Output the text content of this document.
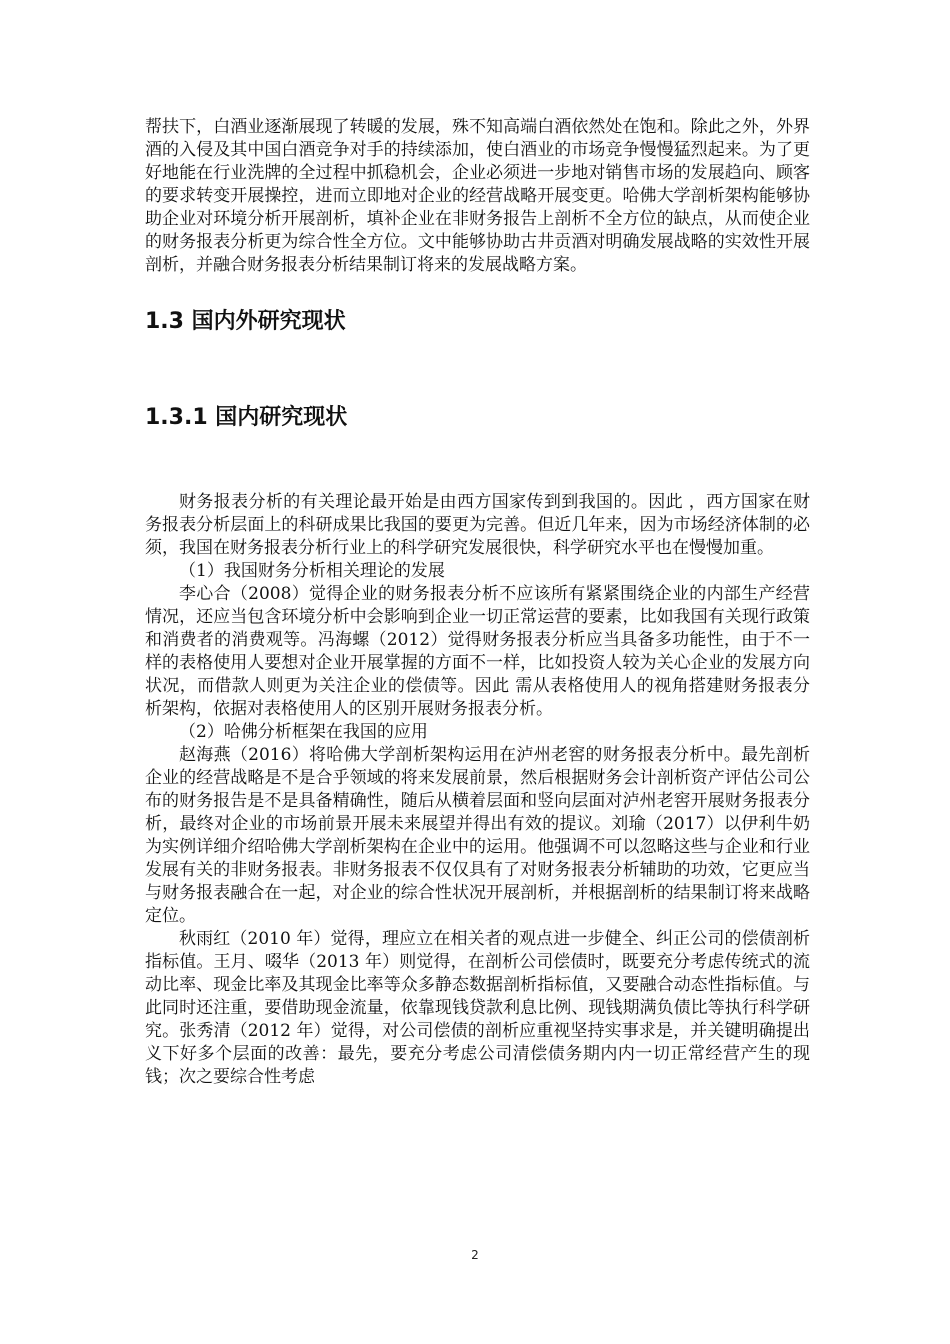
帮扶下，白酒业逐渐展现了转暖的发展，殊不知高端白酒依然处在饱和。除此之外，外界酒的入侵及其中国白酒竞争对手的持续添加，使白酒业的市场竞争慢慢猛烈起来。为了更好地能在行业洗牌的全过程中抓稳机会，企业必须进一步地对销售市场的发展趋向、顾客的要求转变开展操控，进而立即地对企业的经营战略开展变更。哈佛大学剖析架构能够协助企业对环境分析开展剖析，填补企业在非财务报告上剖析不全方位的缺点，从而使企业的财务报表分析更为综合性全方位。文中能够协助古井贡酒对明确发展战略的实效性开展剖析，并融合财务报表分析结果制订将来的发展战略方案。

1.3 国内外研究现状
1.3.1 国内研究现状

财务报表分析的有关理论最开始是由西方国家传到到我国的。因此 ，西方国家在财务报表分析层面上的科研成果比我国的要更为完善。但近几年来，因为市场经济体制的必须，我国在财务报表分析行业上的科学研究发展很快，科学研究水平也在慢慢加重。

（1）我国财务分析相关理论的发展

李心合（2008）觉得企业的财务报表分析不应该所有紧紧围绕企业的内部生产经营情况，还应当包含环境分析中会影响到企业一切正常运营的要素，比如我国有关现行政策和消费者的消费观等。冯海螺（2012）觉得财务报表分析应当具备多功能性，由于不一样的表格使用人要想对企业开展掌握的方面不一样，比如投资人较为关心企业的发展方向状况，而借款人则更为关注企业的偿债等。因此 需从表格使用人的视角搭建财务报表分析架构，依据对表格使用人的区别开展财务报表分析。

（2）哈佛分析框架在我国的应用

赵海燕（2016）将哈佛大学剖析架构运用在泸州老窖的财务报表分析中。最先剖析企业的经营战略是不是合乎领域的将来发展前景，然后根据财务会计剖析资产评估公司公布的财务报告是不是具备精确性，随后从横着层面和竖向层面对泸州老窖开展财务报表分析，最终对企业的市场前景开展未来展望并得出有效的提议。刘瑜（2017）以伊利牛奶为实例详细介绍哈佛大学剖析架构在企业中的运用。他强调不可以忽略这些与企业和行业发展有关的非财务报表。非财务报表不仅仅具有了对财务报表分析辅助的功效，它更应当与财务报表融合在一起，对企业的综合性状况开展剖析，并根据剖析的结果制订将来战略定位。

秋雨红（2010 年）觉得，理应立在相关者的观点进一步健全、纠正公司的偿债剖析指标值。王月、啜华（2013 年）则觉得，在剖析公司偿债时，既要充分考虑传统式的流动比率、现金比率及其现金比率等众多静态数据剖析指标值，又要融合动态性指标值。与此同时还注重，要借助现金流量，依靠现钱贷款利息比例、现钱期满负债比等执行科学研究。张秀清（2012 年）觉得，对公司偿债的剖析应重视坚持实事求是，并关键明确提出义下好多个层面的改善：最先，要充分考虑公司清偿债务期内内一切正常经营产生的现钱；次之要综合性考虑

2
